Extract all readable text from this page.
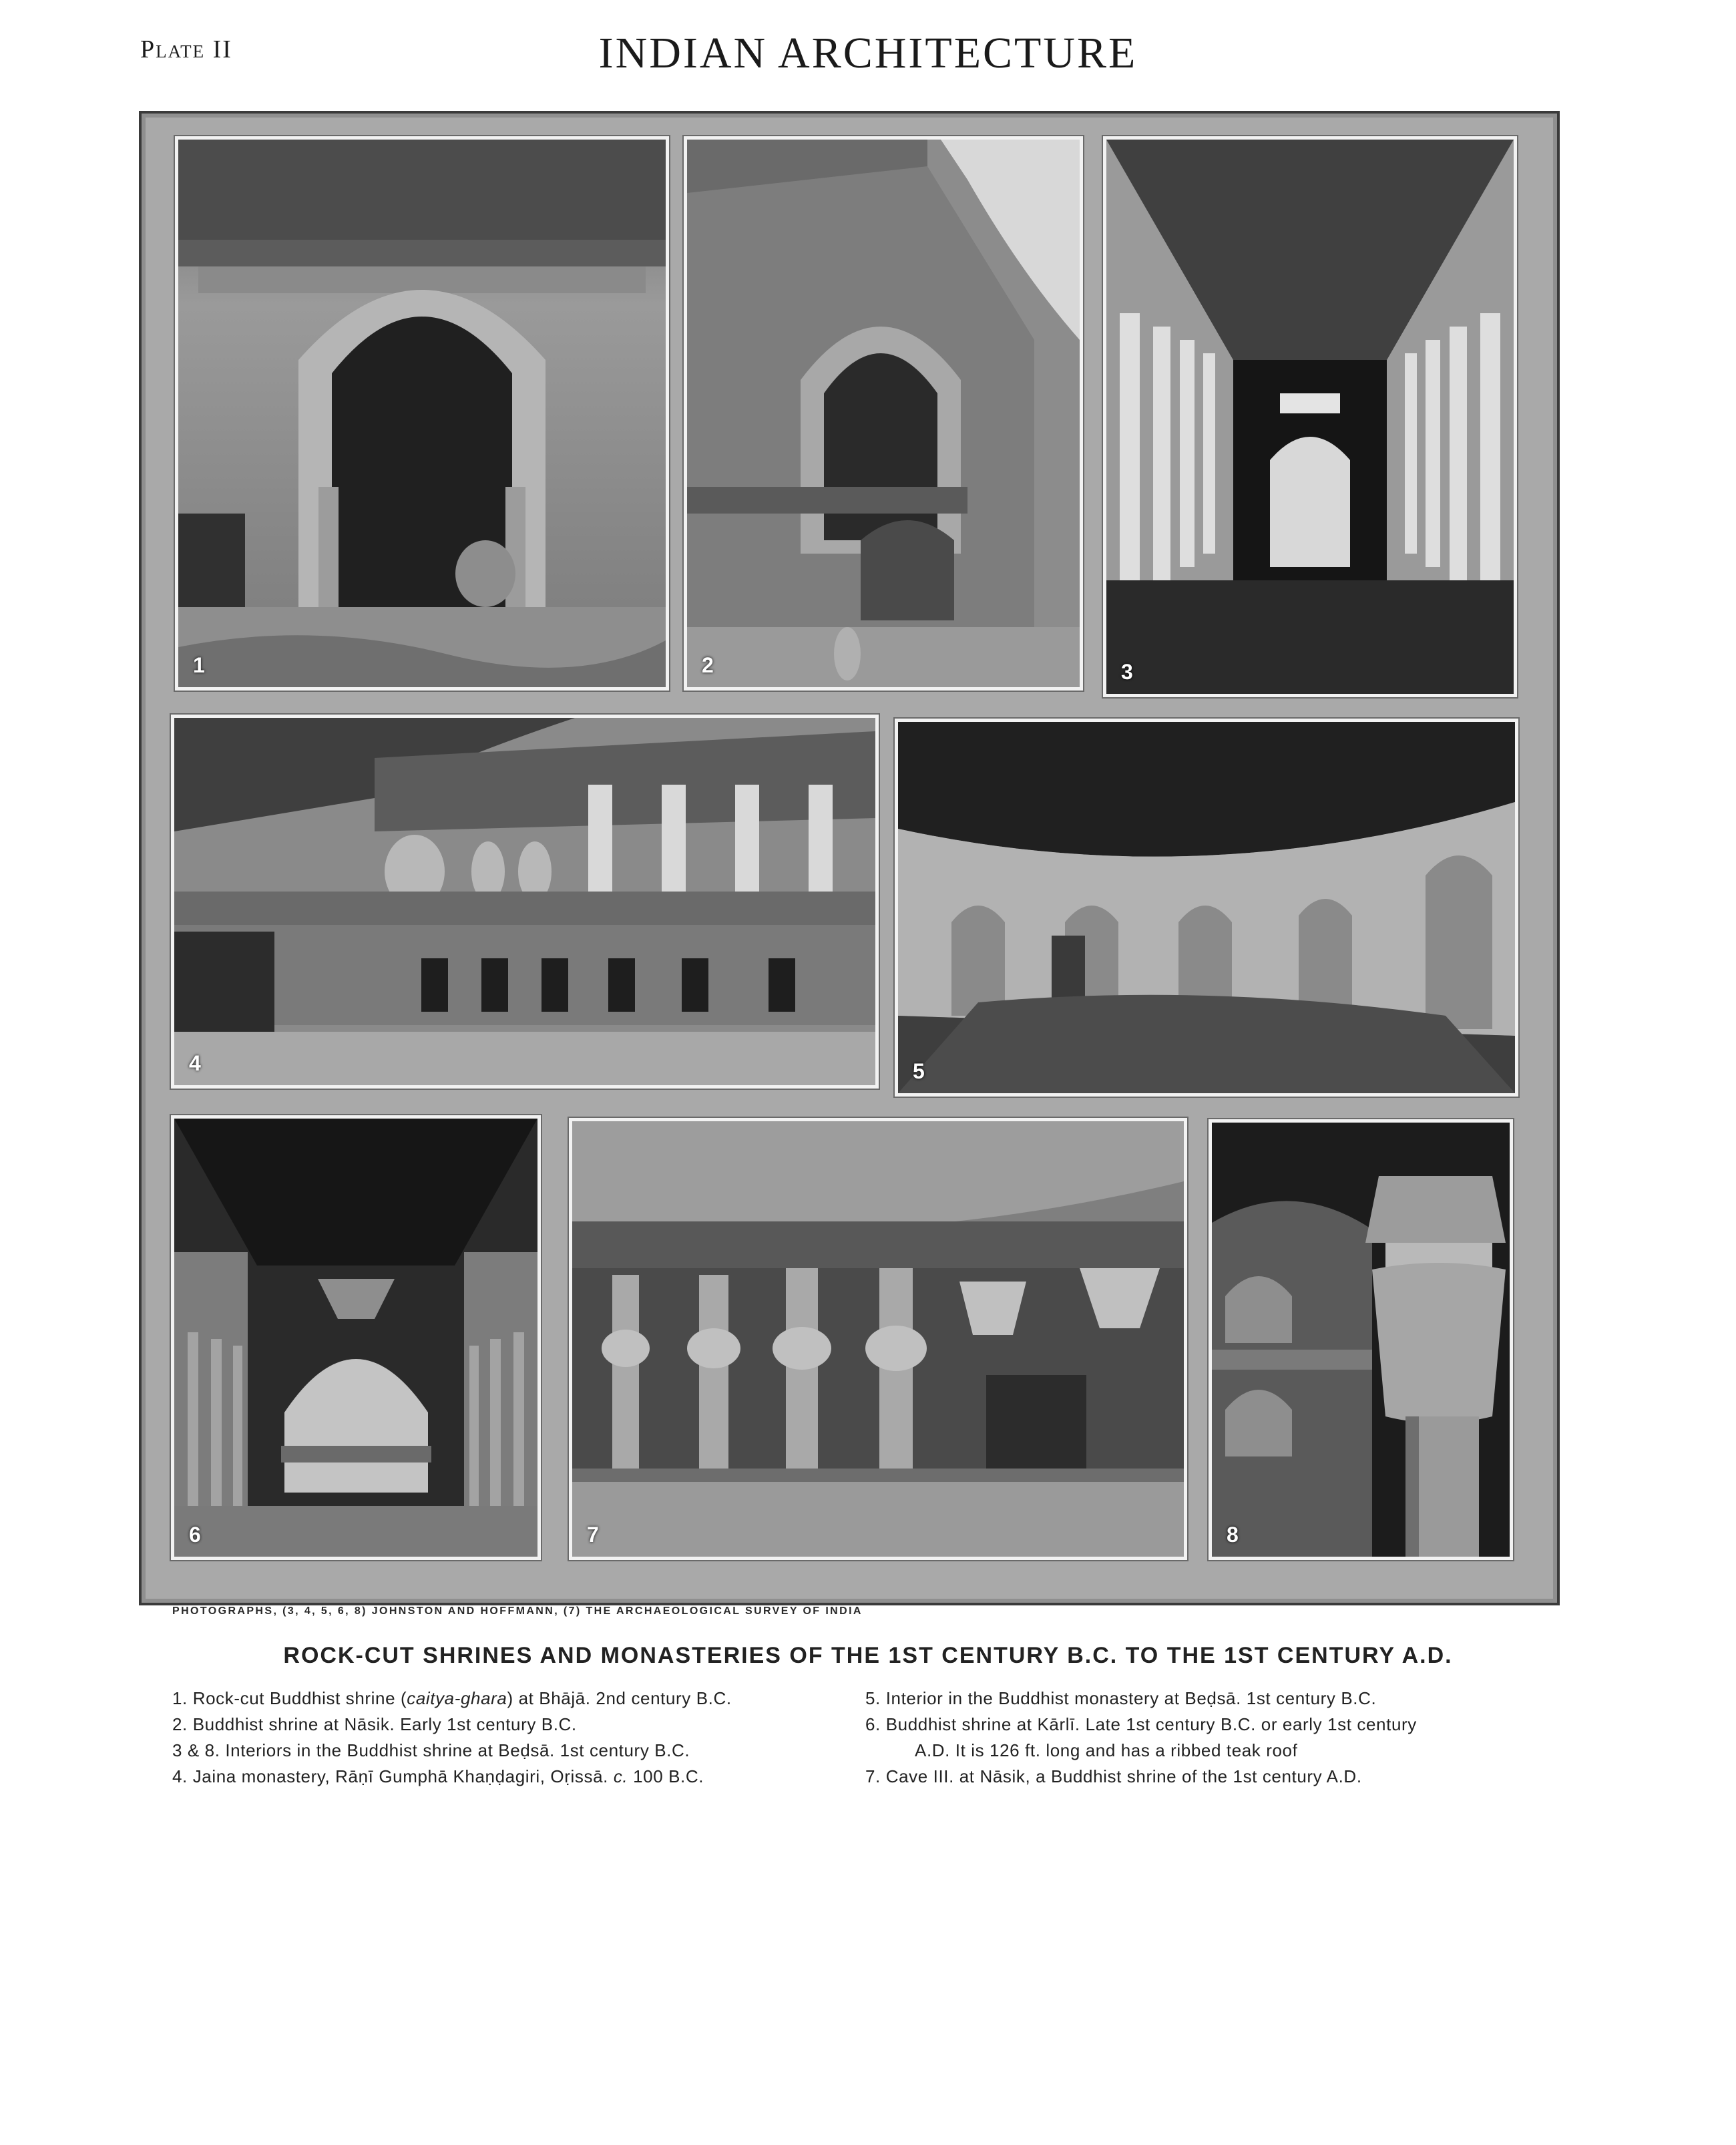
Plate II	INDIAN ARCHITECTURE
1	2	3
4	5
6	7	8
PHOTOGRAPHS, (3, 4, 5, 6, 8) JOHNSTON AND HOFFMANN, (7) THE ARCHAEOLOGICAL SURVEY OF INDIA
ROCK-CUT SHRINES AND MONASTERIES OF THE 1ST CENTURY B.C. TO THE 1ST CENTURY A.D.

1. Rock-cut Buddhist shrine (caitya-ghara) at Bhājā. 2nd century B.C.

2. Buddhist shrine at Nāsik. Early 1st century B.C.

3 & 8. Interiors in the Buddhist shrine at Beḍsā. 1st century B.C.

4. Jaina monastery, Rāṇī Gumphā Khaṇḍagiri, Oṛissā. c. 100 B.C.

5. Interior in the Buddhist monastery at Beḍsā. 1st century B.C.

6. Buddhist shrine at Kārlī. Late 1st century B.C. or early 1st century
A.D. It is 126 ft. long and has a ribbed teak roof

7. Cave III. at Nāsik, a Buddhist shrine of the 1st century A.D.
